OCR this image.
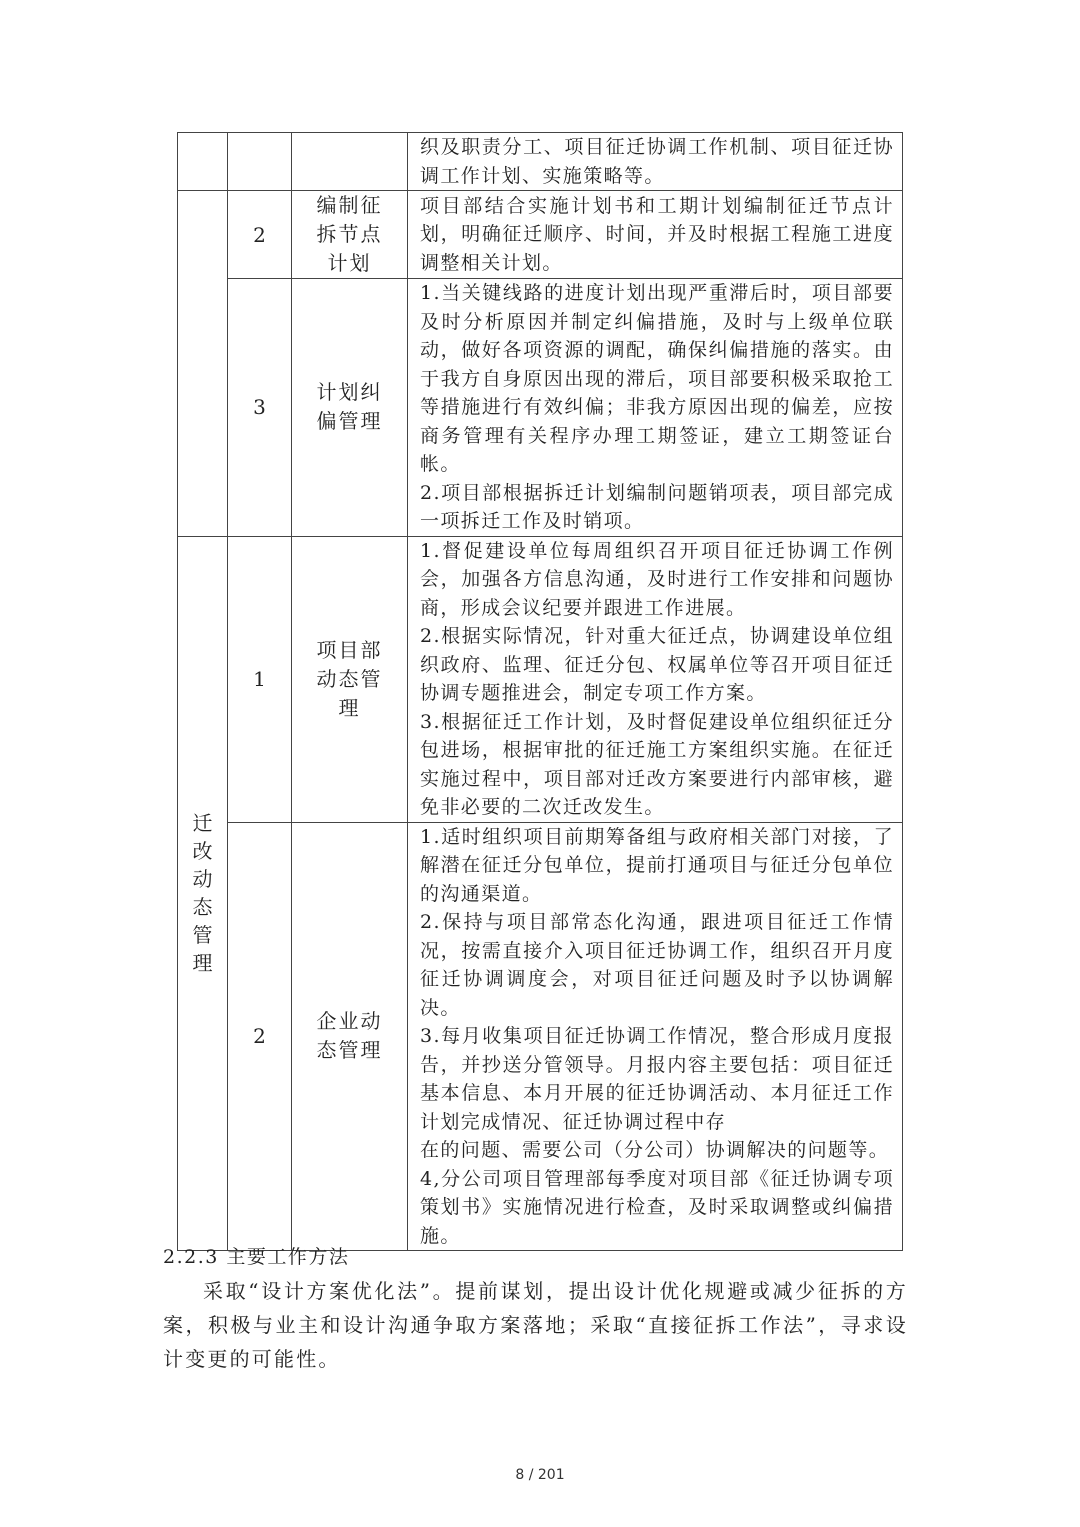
			织及职责分工、项目征迁协调工作机制、项目征迁协调工作计划、实施策略等。

	2	编制征拆节点计划	项目部结合实施计划书和工期计划编制征迁节点计划，明确征迁顺序、时间，并及时根据工程施工进度调整相关计划。

	3	计划纠偏管理	1.当关键线路的进度计划出现严重滞后时，项目部要及时分析原因并制定纠偏措施，及时与上级单位联动，做好各项资源的调配，确保纠偏措施的落实。由于我方自身原因出现的滞后，项目部要积极采取抢工等措施进行有效纠偏；非我方原因出现的偏差，应按商务管理有关程序办理工期签证，建立工期签证台帐。

2.项目部根据拆迁计划编制问题销项表，项目部完成一项拆迁工作及时销项。

迁改动态管理	1	项目部动态管理	1.督促建设单位每周组织召开项目征迁协调工作例会，加强各方信息沟通，及时进行工作安排和问题协商，形成会议纪要并跟进工作进展。

2.根据实际情况，针对重大征迁点，协调建设单位组织政府、监理、征迁分包、权属单位等召开项目征迁协调专题推进会，制定专项工作方案。

3.根据征迁工作计划，及时督促建设单位组织征迁分包进场，根据审批的征迁施工方案组织实施。在征迁实施过程中，项目部对迁改方案要进行内部审核，避免非必要的二次迁改发生。

	2	企业动态管理	1.适时组织项目前期筹备组与政府相关部门对接，了解潜在征迁分包单位，提前打通项目与征迁分包单位的沟通渠道。

2.保持与项目部常态化沟通，跟进项目征迁工作情况，按需直接介入项目征迁协调工作，组织召开月度征迁协调调度会，对项目征迁问题及时予以协调解决。

3.每月收集项目征迁协调工作情况，整合形成月度报告，并抄送分管领导。月报内容主要包括：项目征迁基本信息、本月开展的征迁协调活动、本月征迁工作计划完成情况、征迁协调过程中存

在的问题、需要公司（分公司）协调解决的问题等。

4,分公司项目管理部每季度对项目部《征迁协调专项策划书》实施情况进行检查，及时采取调整或纠偏措施。

2.2.3 主要工作方法

采取“设计方案优化法”。提前谋划，提出设计优化规避或减少征拆的方案，积极与业主和设计沟通争取方案落地；采取“直接征拆工作法”，寻求设计变更的可能性。

8 / 201
